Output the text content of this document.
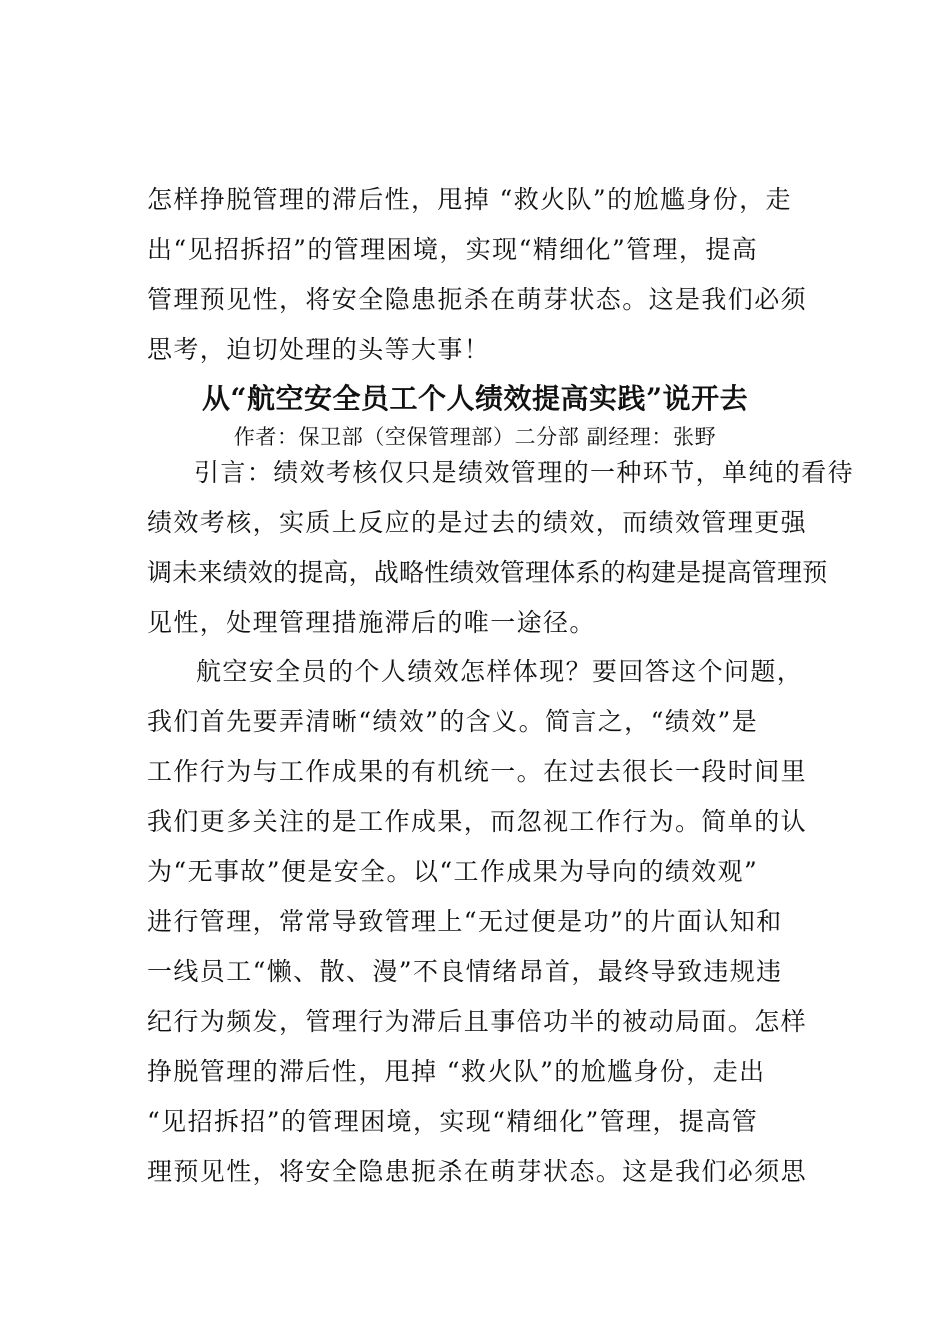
怎样挣脱管理的滞后性，甩掉 “救火队”的尬尴身份，走
出“见招拆招”的管理困境，实现“精细化”管理，提高
管理预见性，将安全隐患扼杀在萌芽状态。这是我们必须
思考，迫切处理的头等大事！
从“航空安全员工个人绩效提高实践”说开去
作者：保卫部（空保管理部）二分部 副经理：张野
引言：绩效考核仅只是绩效管理的一种环节，单纯的看待
绩效考核，实质上反应的是过去的绩效，而绩效管理更强
调未来绩效的提高，战略性绩效管理体系的构建是提高管理预
见性，处理管理措施滞后的唯一途径。
航空安全员的个人绩效怎样体现？要回答这个问题，
我们首先要弄清晰“绩效”的含义。简言之，“绩效”是
工作行为与工作成果的有机统一。在过去很长一段时间里
我们更多关注的是工作成果，而忽视工作行为。简单的认
为“无事故”便是安全。以“工作成果为导向的绩效观”
进行管理，常常导致管理上“无过便是功”的片面认知和
一线员工“懒、散、漫”不良情绪昂首，最终导致违规违
纪行为频发，管理行为滞后且事倍功半的被动局面。怎样
挣脱管理的滞后性，甩掉 “救火队”的尬尴身份，走出
“见招拆招”的管理困境，实现“精细化”管理，提高管
理预见性，将安全隐患扼杀在萌芽状态。这是我们必须思
